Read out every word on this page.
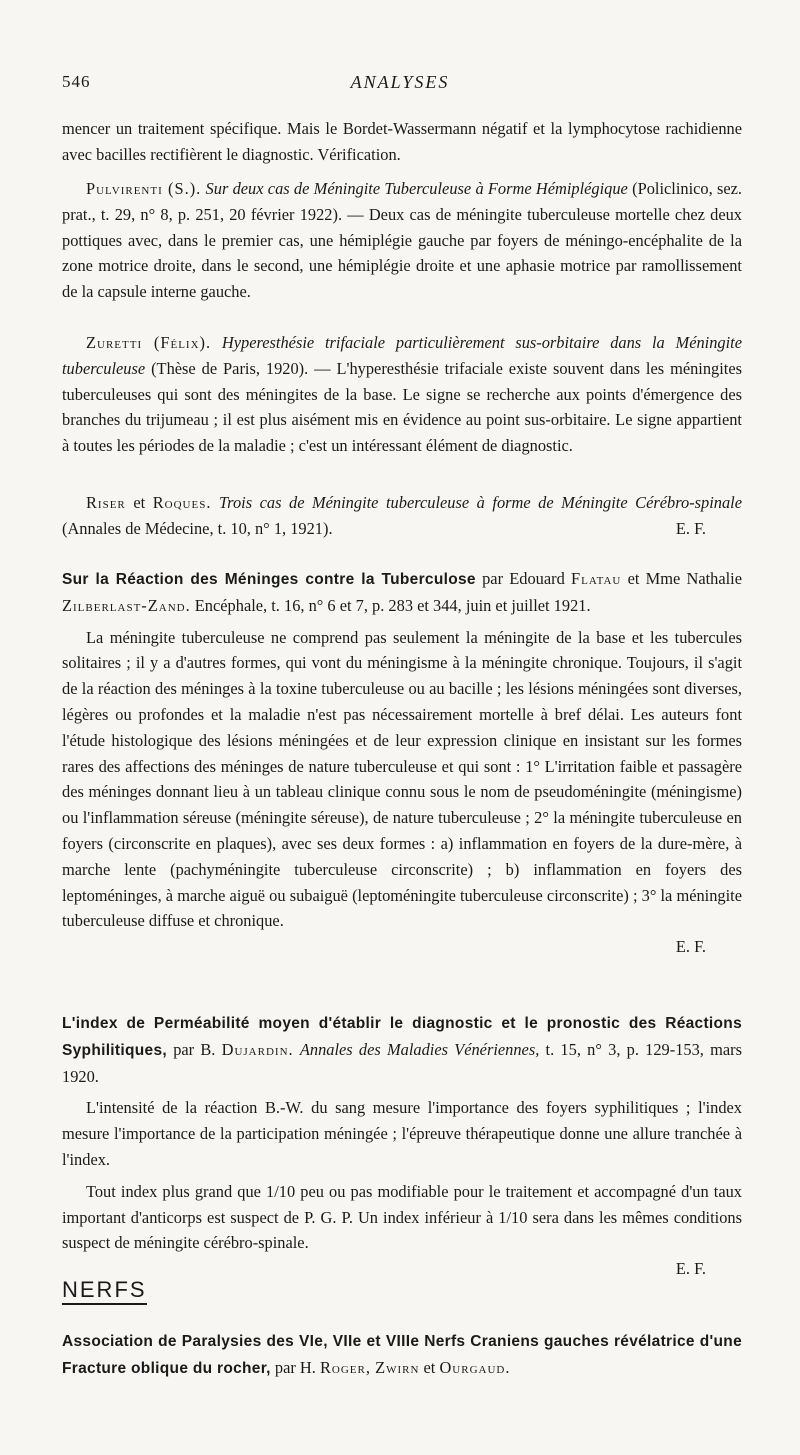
546	ANALYSES

mencer un traitement spécifique. Mais le Bordet-Wassermann négatif et la lymphocytose rachidienne avec bacilles rectifièrent le diagnostic. Vérification.

Pulvirenti (S.). Sur deux cas de Méningite Tuberculeuse à Forme Hémiplégique (Policlinico, sez. prat., t. 29, n° 8, p. 251, 20 février 1922). — Deux cas de méningite tuberculeuse mortelle chez deux pottiques avec, dans le premier cas, une hémiplégie gauche par foyers de méningo-encéphalite de la zone motrice droite, dans le second, une hémiplégie droite et une aphasie motrice par ramollissement de la capsule interne gauche.

Zuretti (Félix). Hyperesthésie trifaciale particulièrement sus-orbitaire dans la Méningite tuberculeuse (Thèse de Paris, 1920). — L'hyperesthésie trifaciale existe souvent dans les méningites tuberculeuses qui sont des méningites de la base. Le signe se recherche aux points d'émergence des branches du trijumeau ; il est plus aisément mis en évidence au point sus-orbitaire. Le signe appartient à toutes les périodes de la maladie ; c'est un intéressant élément de diagnostic.

Riser et Roques. Trois cas de Méningite tuberculeuse à forme de Méningite Cérébro-spinale (Annales de Médecine, t. 10, n° 1, 1921).	E. F.

Sur la Réaction des Méninges contre la Tuberculose par Edouard Flatau et Mme Nathalie Zilberlast-Zand. Encéphale, t. 16, n° 6 et 7, p. 283 et 344, juin et juillet 1921.

La méningite tuberculeuse ne comprend pas seulement la méningite de la base et les tubercules solitaires ; il y a d'autres formes, qui vont du méningisme à la méningite chronique. Toujours, il s'agit de la réaction des méninges à la toxine tuberculeuse ou au bacille ; les lésions méningées sont diverses, légères ou profondes et la maladie n'est pas nécessairement mortelle à bref délai. Les auteurs font l'étude histologique des lésions méningées et de leur expression clinique en insistant sur les formes rares des affections des méninges de nature tuberculeuse et qui sont : 1° L'irritation faible et passagère des méninges donnant lieu à un tableau clinique connu sous le nom de pseudoméningite (méningisme) ou l'inflammation séreuse (méningite séreuse), de nature tuberculeuse ; 2° la méningite tuberculeuse en foyers (circonscrite en plaques), avec ses deux formes : a) inflammation en foyers de la dure-mère, à marche lente (pachyméningite tuberculeuse circonscrite) ; b) inflammation en foyers des leptoméninges, à marche aiguë ou subaiguë (leptoméningite tuberculeuse circonscrite) ; 3° la méningite tuberculeuse diffuse et chronique.

E. F.

L'index de Perméabilité moyen d'établir le diagnostic et le pronostic des Réactions Syphilitiques, par B. Dujardin. Annales des Maladies Vénériennes, t. 15, n° 3, p. 129-153, mars 1920.

L'intensité de la réaction B.-W. du sang mesure l'importance des foyers syphilitiques ; l'index mesure l'importance de la participation méningée ; l'épreuve thérapeutique donne une allure tranchée à l'index.

Tout index plus grand que 1/10 peu ou pas modifiable pour le traitement et accompagné d'un taux important d'anticorps est suspect de P. G. P. Un index inférieur à 1/10 sera dans les mêmes conditions suspect de méningite cérébro-spinale.

E. F.

NERFS

Association de Paralysies des VIe, VIIe et VIIIe Nerfs Craniens gauches révélatrice d'une Fracture oblique du rocher, par H. Roger, Zwirn et Ourgaud.
